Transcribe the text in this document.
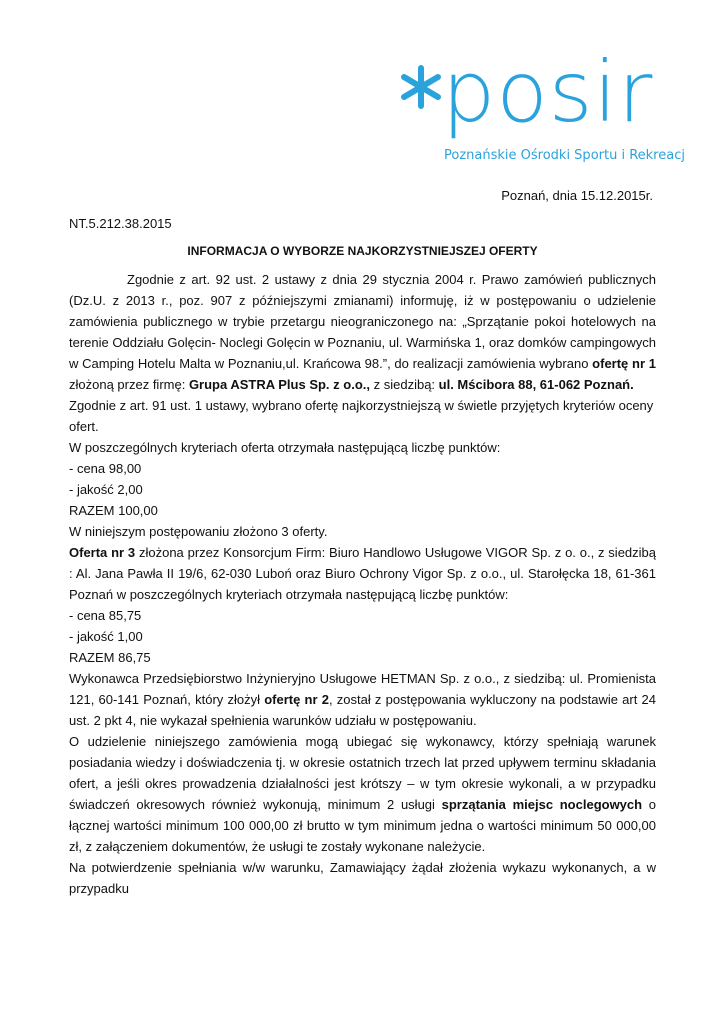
posir
Poznańskie Ośrodki Sportu i Rekreacj
Poznań, dnia 15.12.2015r.
NT.5.212.38.2015
INFORMACJA O WYBORZE NAJKORZYSTNIEJSZEJ OFERTY

Zgodnie z art. 92 ust. 2 ustawy z dnia 29 stycznia 2004 r. Prawo zamówień publicznych (Dz.U. z 2013 r., poz. 907 z późniejszymi zmianami) informuję, iż w postępowaniu o udzielenie zamówienia publicznego w trybie przetargu nieograniczonego na: „Sprzątanie pokoi hotelowych na terenie Oddziału Golęcin- Noclegi Golęcin w Poznaniu, ul. Warmińska 1, oraz domków campingowych w Camping Hotelu Malta w Poznaniu,ul. Krańcowa 98.”, do realizacji zamówienia wybrano ofertę nr 1 złożoną przez firmę: Grupa ASTRA Plus Sp. z o.o., z siedzibą: ul. Mścibora 88, 61-062 Poznań.

Zgodnie z art. 91 ust. 1 ustawy, wybrano ofertę najkorzystniejszą w świetle przyjętych kryteriów oceny ofert.

W poszczególnych kryteriach oferta otrzymała następującą liczbę punktów:

- cena 98,00

- jakość 2,00

RAZEM 100,00

W niniejszym postępowaniu złożono 3 oferty.

Oferta nr 3 złożona przez Konsorcjum Firm: Biuro Handlowo Usługowe VIGOR Sp. z o. o., z siedzibą : Al. Jana Pawła II 19/6, 62-030 Luboń oraz Biuro Ochrony Vigor Sp. z o.o., ul. Starołęcka 18, 61-361 Poznań w poszczególnych kryteriach otrzymała następującą liczbę punktów:

- cena 85,75

- jakość 1,00

RAZEM 86,75

Wykonawca Przedsiębiorstwo Inżynieryjno Usługowe HETMAN Sp. z o.o., z siedzibą: ul. Promienista 121, 60-141 Poznań, który złożył ofertę nr 2, został z postępowania wykluczony na podstawie art 24 ust. 2 pkt 4, nie wykazał spełnienia warunków udziału w postępowaniu.

O udzielenie niniejszego zamówienia mogą ubiegać się wykonawcy, którzy spełniają warunek posiadania wiedzy i doświadczenia tj. w okresie ostatnich trzech lat przed upływem terminu składania ofert, a jeśli okres prowadzenia działalności jest krótszy – w tym okresie wykonali, a w przypadku świadczeń okresowych również wykonują, minimum 2 usługi sprzątania miejsc noclegowych o łącznej wartości minimum 100 000,00 zł brutto w tym minimum jedna o wartości minimum 50 000,00 zł, z załączeniem dokumentów, że usługi te zostały wykonane należycie.

Na potwierdzenie spełniania w/w warunku, Zamawiający żądał złożenia wykazu wykonanych, a w przypadku
